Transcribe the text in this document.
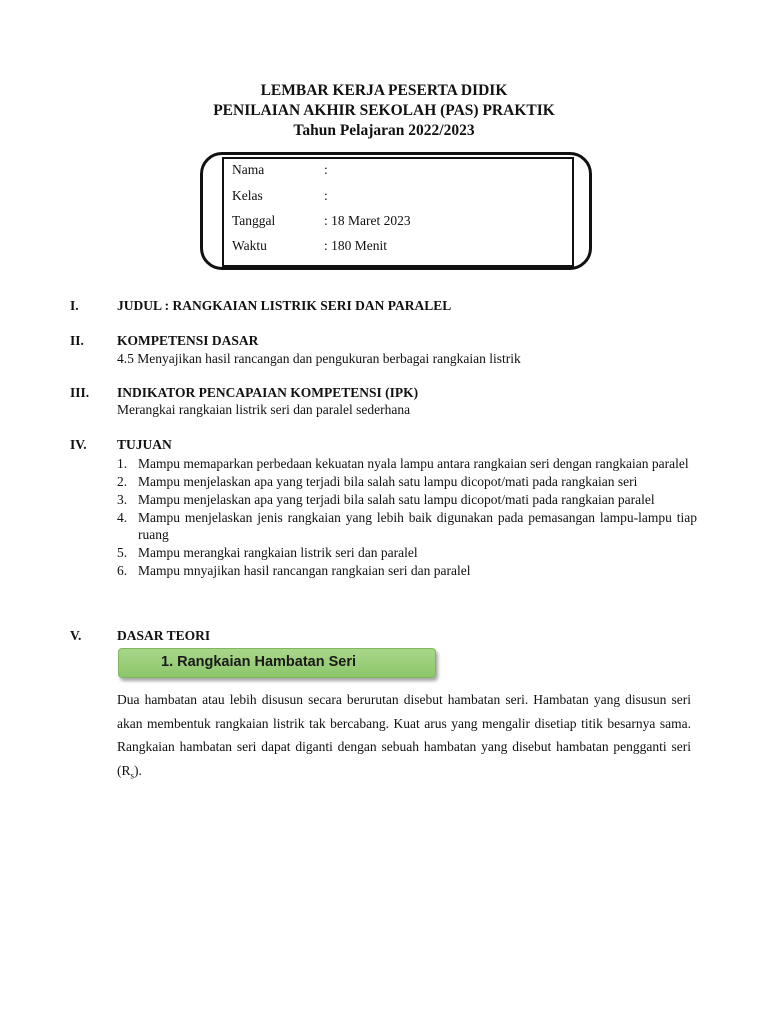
LEMBAR KERJA PESERTA DIDIK
PENILAIAN AKHIR SEKOLAH (PAS) PRAKTIK
Tahun Pelajaran 2022/2023
Nama	:
Kelas	:
Tanggal	: 18 Maret 2023
Waktu	: 180 Menit
I.	JUDUL : RANGKAIAN LISTRIK SERI DAN PARALEL
II. KOMPETENSI DASAR
4.5 Menyajikan hasil rancangan dan pengukuran berbagai rangkaian listrik
III. INDIKATOR PENCAPAIAN KOMPETENSI (IPK)
Merangkai rangkaian listrik seri dan paralel sederhana
IV. TUJUAN
1. Mampu memaparkan perbedaan kekuatan nyala lampu antara rangkaian seri dengan rangkaian paralel
2. Mampu menjelaskan apa yang terjadi bila salah satu lampu dicopot/mati pada rangkaian seri
3. Mampu menjelaskan apa yang terjadi bila salah satu lampu dicopot/mati pada rangkaian paralel
4. Mampu menjelaskan jenis rangkaian yang lebih baik digunakan pada pemasangan lampu-lampu tiap ruang
5. Mampu merangkai rangkaian listrik seri dan paralel
6. Mampu mnyajikan hasil rancangan rangkaian seri dan paralel
V.	DASAR TEORI
1. Rangkaian Hambatan Seri

Dua hambatan atau lebih disusun secara berurutan disebut hambatan seri. Hambatan yang disusun seri akan membentuk rangkaian listrik tak bercabang. Kuat arus yang mengalir disetiap titik besarnya sama. Rangkaian hambatan seri dapat diganti dengan sebuah hambatan yang disebut hambatan pengganti seri $(R_s)$.
